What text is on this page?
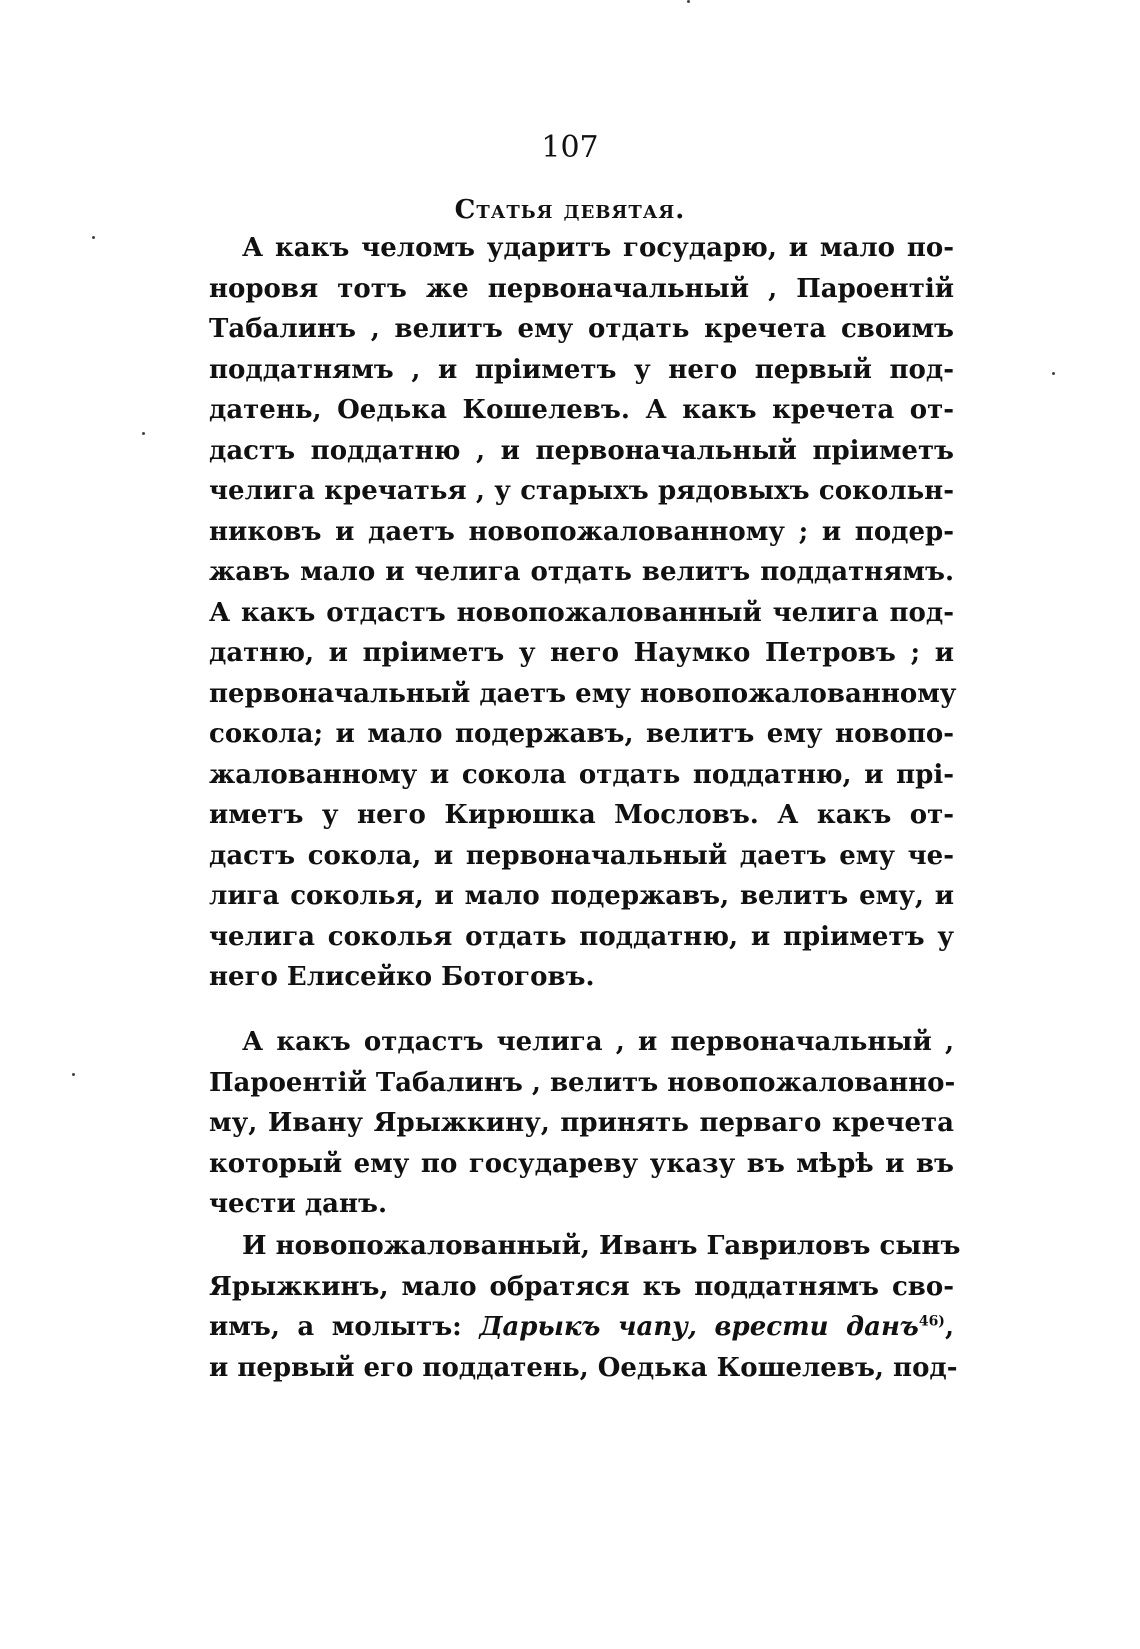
107
Статья девятая.
А какъ челомъ ударитъ государю, и мало по-
норовя тотъ же первоначальный , Пароентій
Табалинъ , велитъ ему отдать кречета своимъ
поддатнямъ , и пріиметъ у него первый под-
датень, Оедька Кошелевъ. А какъ кречета от-
дастъ поддатню , и первоначальный пріиметъ
челига кречатья , у старыхъ рядовыхъ сокольн-
никовъ и даетъ новопожалованному ; и подер-
жавъ мало и челига отдать велитъ поддатнямъ.
А какъ отдастъ новопожалованный челига под-
датню, и пріиметъ у него Наумко Петровъ ; и
первоначальный даетъ ему новопожалованному
сокола; и мало подержавъ, велитъ ему новопо-
жалованному и сокола отдать поддатню, и прі-
иметъ у него Кирюшка Мословъ. А какъ от-
дастъ сокола, и первоначальный даетъ ему че-
лига соколья, и мало подержавъ, велитъ ему, и
челига соколья отдать поддатню, и пріиметъ у
него Елисейко Ботоговъ.
А какъ отдастъ челига , и первоначальный ,
Пароентій Табалинъ , велитъ новопожалованно-
му, Ивану Ярыжкину, принять перваго кречета
который ему по государеву указу въ мѣрѣ и въ
чести данъ.
И новопожалованный, Иванъ Гавриловъ сынъ
Ярыжкинъ, мало обратяся къ поддатнямъ сво-
имъ, а молытъ: Дарыкъ чапу, врести данъ$^{46)}$,
и первый его поддатень, Оедька Кошелевъ, под-
